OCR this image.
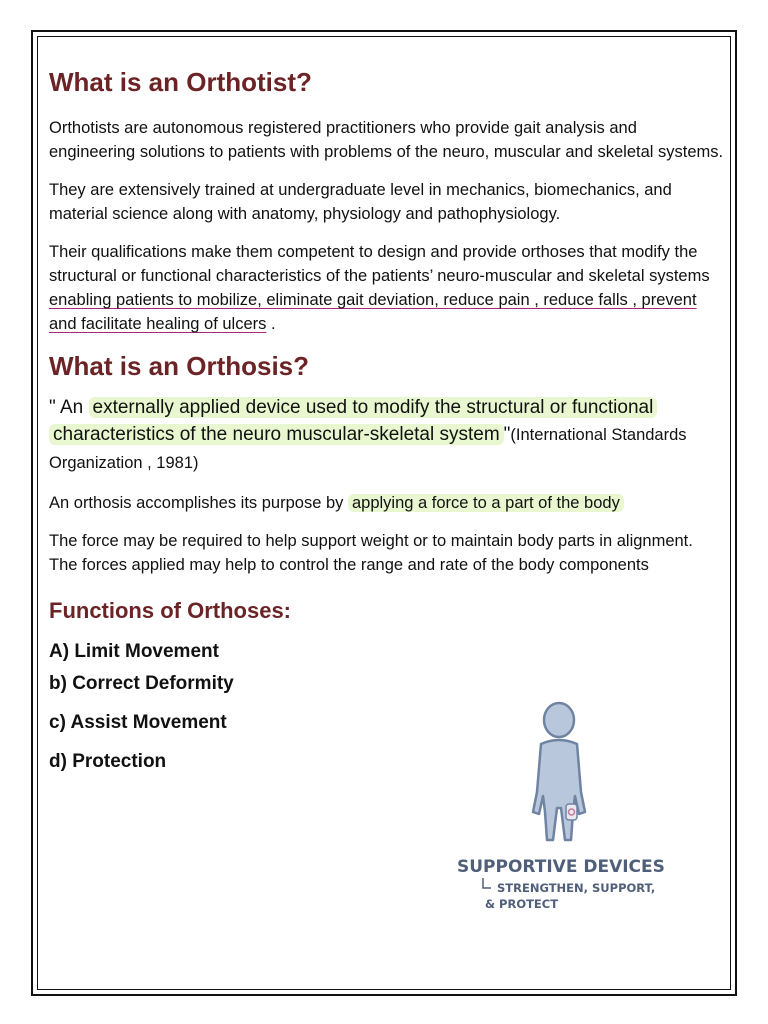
What is an Orthotist?

Orthotists are autonomous registered practitioners who provide gait analysis and engineering solutions to patients with problems of the neuro, muscular and skeletal systems.

They are extensively trained at undergraduate level in mechanics, biomechanics, and material science along with anatomy, physiology and pathophysiology.

Their qualifications make them competent to design and provide orthoses that modify the structural or functional characteristics of the patients’ neuro-muscular and skeletal systems enabling patients to mobilize, eliminate gait deviation, reduce pain , reduce falls , prevent and facilitate healing of ulcers .

What is an Orthosis?

" An externally applied device used to modify the structural or functional characteristics of the neuro muscular-skeletal system "(International Standards Organization , 1981)

An orthosis accomplishes its purpose by applying a force to a part of the body

The force may be required to help support weight or to maintain body parts in alignment. The forces applied may help to control the range and rate of the body components

Functions of Orthoses:
A) Limit Movement
b) Correct Deformity
c) Assist Movement
d) Protection
SUPPORTIVE DEVICES
STRENGTHEN, SUPPORT,
& PROTECT
